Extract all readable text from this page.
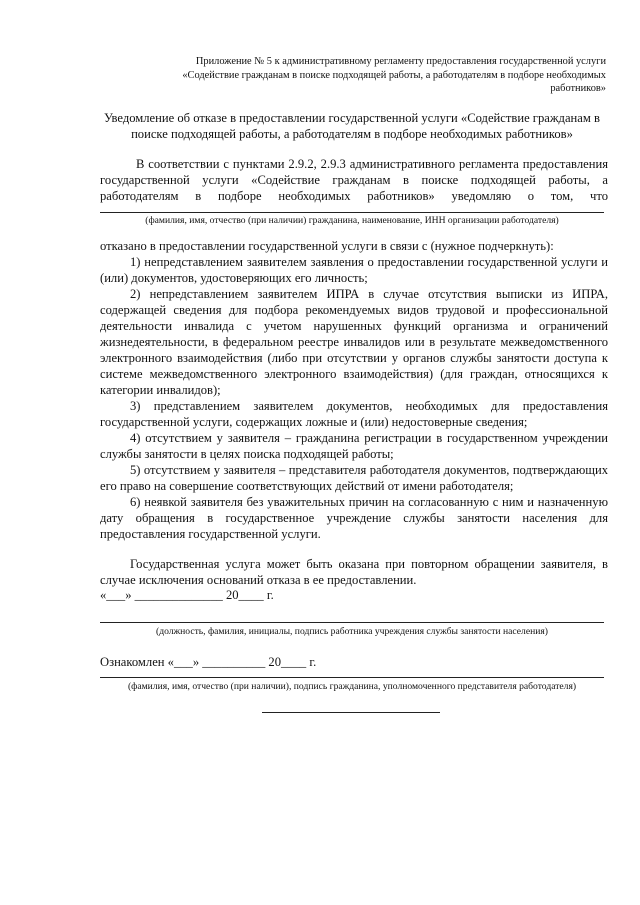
Приложение № 5 к административному регламенту предоставления государственной услуги
«Содействие гражданам в поиске подходящей работы, а работодателям в подборе необходимых работников»
Уведомление об отказе в предоставлении государственной услуги «Содействие гражданам в поиске подходящей работы, а работодателям в подборе необходимых работников»

В соответствии с пунктами 2.9.2, 2.9.3 административного регламента предоставления государственной услуги «Содействие гражданам в поиске подходящей работы, а работодателям в подборе необходимых работников» уведомляю о том, что

(фамилия, имя, отчество (при наличии) гражданина, наименование, ИНН организации работодателя)

отказано в предоставлении государственной услуги в связи с (нужное подчеркнуть):

1) непредставлением заявителем заявления о предоставлении государственной услуги и (или) документов, удостоверяющих его личность;

2) непредставлением заявителем ИПРА в случае отсутствия выписки из ИПРА, содержащей сведения для подбора рекомендуемых видов трудовой и профессиональной деятельности инвалида с учетом нарушенных функций организма и ограничений жизнедеятельности, в федеральном реестре инвалидов или в результате межведомственного электронного взаимодействия (либо при отсутствии у органов службы занятости доступа к системе межведомственного электронного взаимодействия) (для граждан, относящихся к категории инвалидов);

3) представлением заявителем документов, необходимых для предоставления государственной услуги, содержащих ложные и (или) недостоверные сведения;

4) отсутствием у заявителя – гражданина регистрации в государственном учреждении службы занятости в целях поиска подходящей работы;

5) отсутствием у заявителя – представителя работодателя документов, подтверждающих его право на совершение соответствующих действий от имени работодателя;

6) неявкой заявителя без уважительных причин на согласованную с ним и назначенную дату обращения в государственное учреждение службы занятости населения для предоставления государственной услуги.

Государственная услуга может быть оказана при повторном обращении заявителя, в случае исключения оснований отказа в ее предоставлении.

«___» ______________ 20____ г.
(должность, фамилия, инициалы, подпись работника учреждения службы занятости населения)
Ознакомлен «___» __________ 20____ г.
(фамилия, имя, отчество (при наличии), подпись гражданина, уполномоченного представителя работодателя)
